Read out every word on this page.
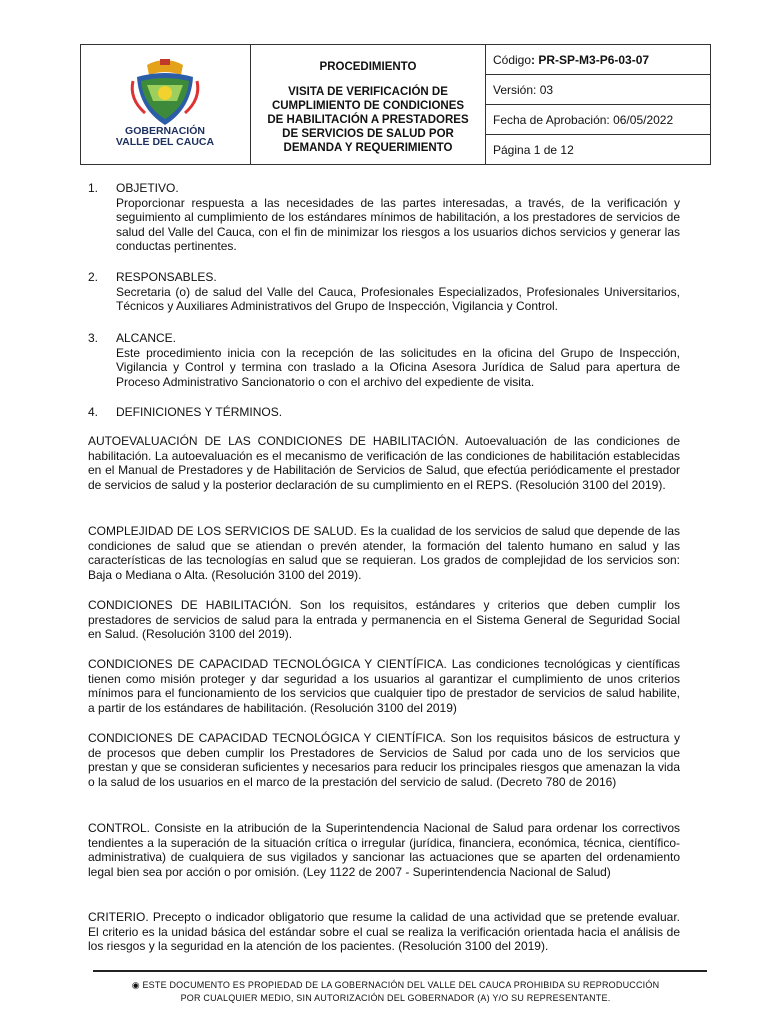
GOBERNACIÓN
VALLE DEL CAUCA
PROCEDIMIENTO
VISITA DE VERIFICACIÓN DE
CUMPLIMIENTO DE CONDICIONES
DE HABILITACIÓN A PRESTADORES
DE SERVICIOS DE SALUD POR
DEMANDA Y REQUERIMIENTO
Código : PR-SP-M3-P6-03-07
Versión: 03
Fecha de Aprobación: 06/05/2022
Página 1 de 12
1. OBJETIVO.
Proporcionar respuesta a las necesidades de las partes interesadas, a través, de la verificación y seguimiento al cumplimiento de los estándares mínimos de habilitación, a los prestadores de servicios de salud del Valle del Cauca, con el fin de minimizar los riesgos a los usuarios dichos servicios y generar las conductas pertinentes.
2. RESPONSABLES.
Secretaria (o) de salud del Valle del Cauca, Profesionales Especializados, Profesionales Universitarios, Técnicos y Auxiliares Administrativos del Grupo de Inspección, Vigilancia y Control.
3. ALCANCE.
Este procedimiento inicia con la recepción de las solicitudes en la oficina del Grupo de Inspección, Vigilancia y Control y termina con traslado a la Oficina Asesora Jurídica de Salud para apertura de Proceso Administrativo Sancionatorio o con el archivo del expediente de visita.
4. DEFINICIONES Y TÉRMINOS.
AUTOEVALUACIÓN DE LAS CONDICIONES DE HABILITACIÓN. Autoevaluación de las condiciones de habilitación. La autoevaluación es el mecanismo de verificación de las condiciones de habilitación establecidas en el Manual de Prestadores y de Habilitación de Servicios de Salud, que efectúa periódicamente el prestador de servicios de salud y la posterior declaración de su cumplimiento en el REPS. (Resolución 3100 del 2019).
COMPLEJIDAD DE LOS SERVICIOS DE SALUD. Es la cualidad de los servicios de salud que depende de las condiciones de salud que se atiendan o prevén atender, la formación del talento humano en salud y las características de las tecnologías en salud que se requieran. Los grados de complejidad de los servicios son: Baja o Mediana o Alta. (Resolución 3100 del 2019).
CONDICIONES DE HABILITACIÓN. Son los requisitos, estándares y criterios que deben cumplir los prestadores de servicios de salud para la entrada y permanencia en el Sistema General de Seguridad Social en Salud. (Resolución 3100 del 2019).
CONDICIONES DE CAPACIDAD TECNOLÓGICA Y CIENTÍFICA. Las condiciones tecnológicas y científicas tienen como misión proteger y dar seguridad a los usuarios al garantizar el cumplimiento de unos criterios mínimos para el funcionamiento de los servicios que cualquier tipo de prestador de servicios de salud habilite, a partir de los estándares de habilitación. (Resolución 3100 del 2019)
CONDICIONES DE CAPACIDAD TECNOLÓGICA Y CIENTÍFICA. Son los requisitos básicos de estructura y de procesos que deben cumplir los Prestadores de Servicios de Salud por cada uno de los servicios que prestan y que se consideran suficientes y necesarios para reducir los principales riesgos que amenazan la vida o la salud de los usuarios en el marco de la prestación del servicio de salud. (Decreto 780 de 2016)
CONTROL. Consiste en la atribución de la Superintendencia Nacional de Salud para ordenar los correctivos tendientes a la superación de la situación crítica o irregular (jurídica, financiera, económica, técnica, científico-administrativa) de cualquiera de sus vigilados y sancionar las actuaciones que se aparten del ordenamiento legal bien sea por acción o por omisión. (Ley 1122 de 2007 - Superintendencia Nacional de Salud)
CRITERIO. Precepto o indicador obligatorio que resume la calidad de una actividad que se pretende evaluar. El criterio es la unidad básica del estándar sobre el cual se realiza la verificación orientada hacia el análisis de los riesgos y la seguridad en la atención de los pacientes. (Resolución 3100 del 2019).
◉ ESTE DOCUMENTO ES PROPIEDAD DE LA GOBERNACIÓN DEL VALLE DEL CAUCA PROHIBIDA SU REPRODUCCIÓN
POR CUALQUIER MEDIO, SIN AUTORIZACIÓN DEL GOBERNADOR (A) Y/O SU REPRESENTANTE.
